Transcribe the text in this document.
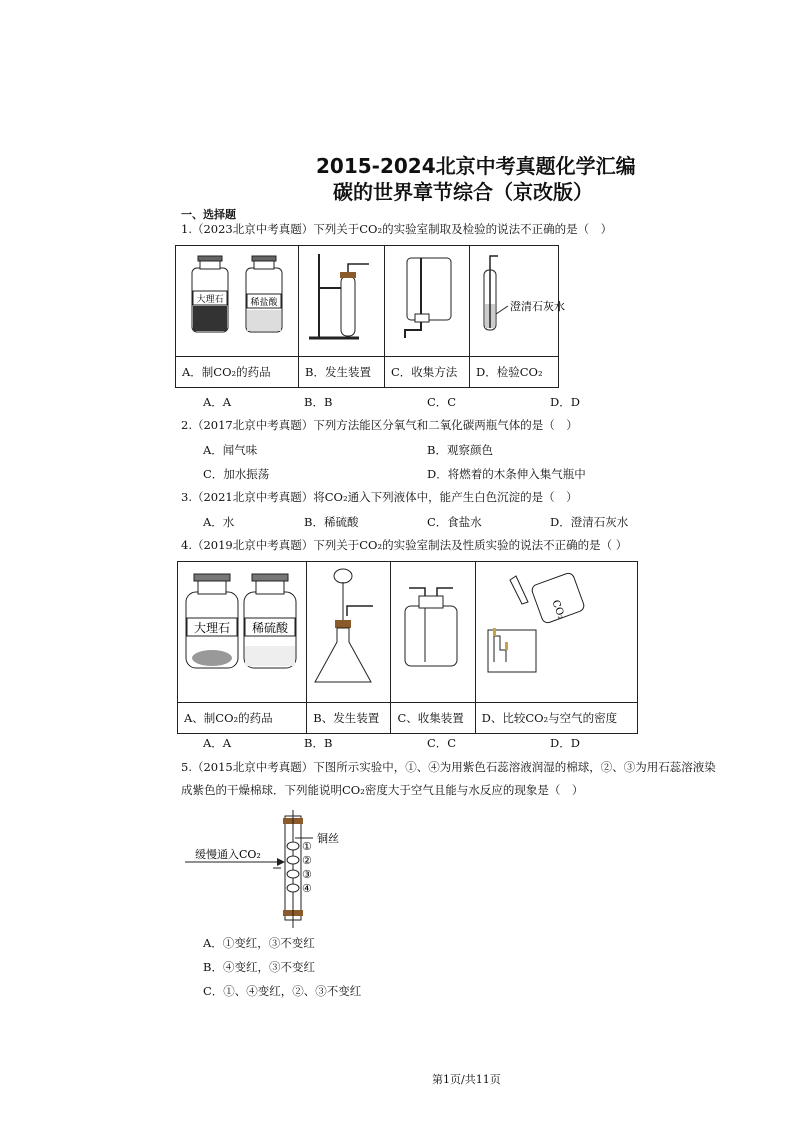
2015-2024北京中考真题化学汇编
碳的世界章节综合（京改版）
一、选择题
1.（2023北京中考真题）下列关于CO₂的实验室制取及检验的说法不正确的是（　）
大理石 稀盐酸			澄清石灰水

A．制CO₂的药品	B．发生装置	C．收集方法	D．检验CO₂
A．A	B．B	C．C	D．D
2.（2017北京中考真题）下列方法能区分氧气和二氧化碳两瓶气体的是（　）
A．闻气味	B．观察颜色
C．加水振荡	D．将燃着的木条伸入集气瓶中
3.（2021北京中考真题）将CO₂通入下列液体中，能产生白色沉淀的是（　）
A．水	B．稀硫酸	C．食盐水	D．澄清石灰水
4.（2019北京中考真题）下列关于CO₂的实验室制法及性质实验的说法不正确的是（ ）
大理石 稀硫酸			CO₂

A、制CO₂的药品	B、发生装置	C、收集装置	D、比较CO₂与空气的密度
A．A	B．B	C．C	D．D
5.（2015北京中考真题）下图所示实验中，①、④为用紫色石蕊溶液润湿的棉球，②、③为用石蕊溶液染
成紫色的干燥棉球．下列能说明CO₂密度大于空气且能与水反应的现象是（　）
缓慢通入CO₂
铜丝
①
②
③
④
A．①变红，③不变红
B．④变红，③不变红
C．①、④变红，②、③不变红
第1页/共11页
